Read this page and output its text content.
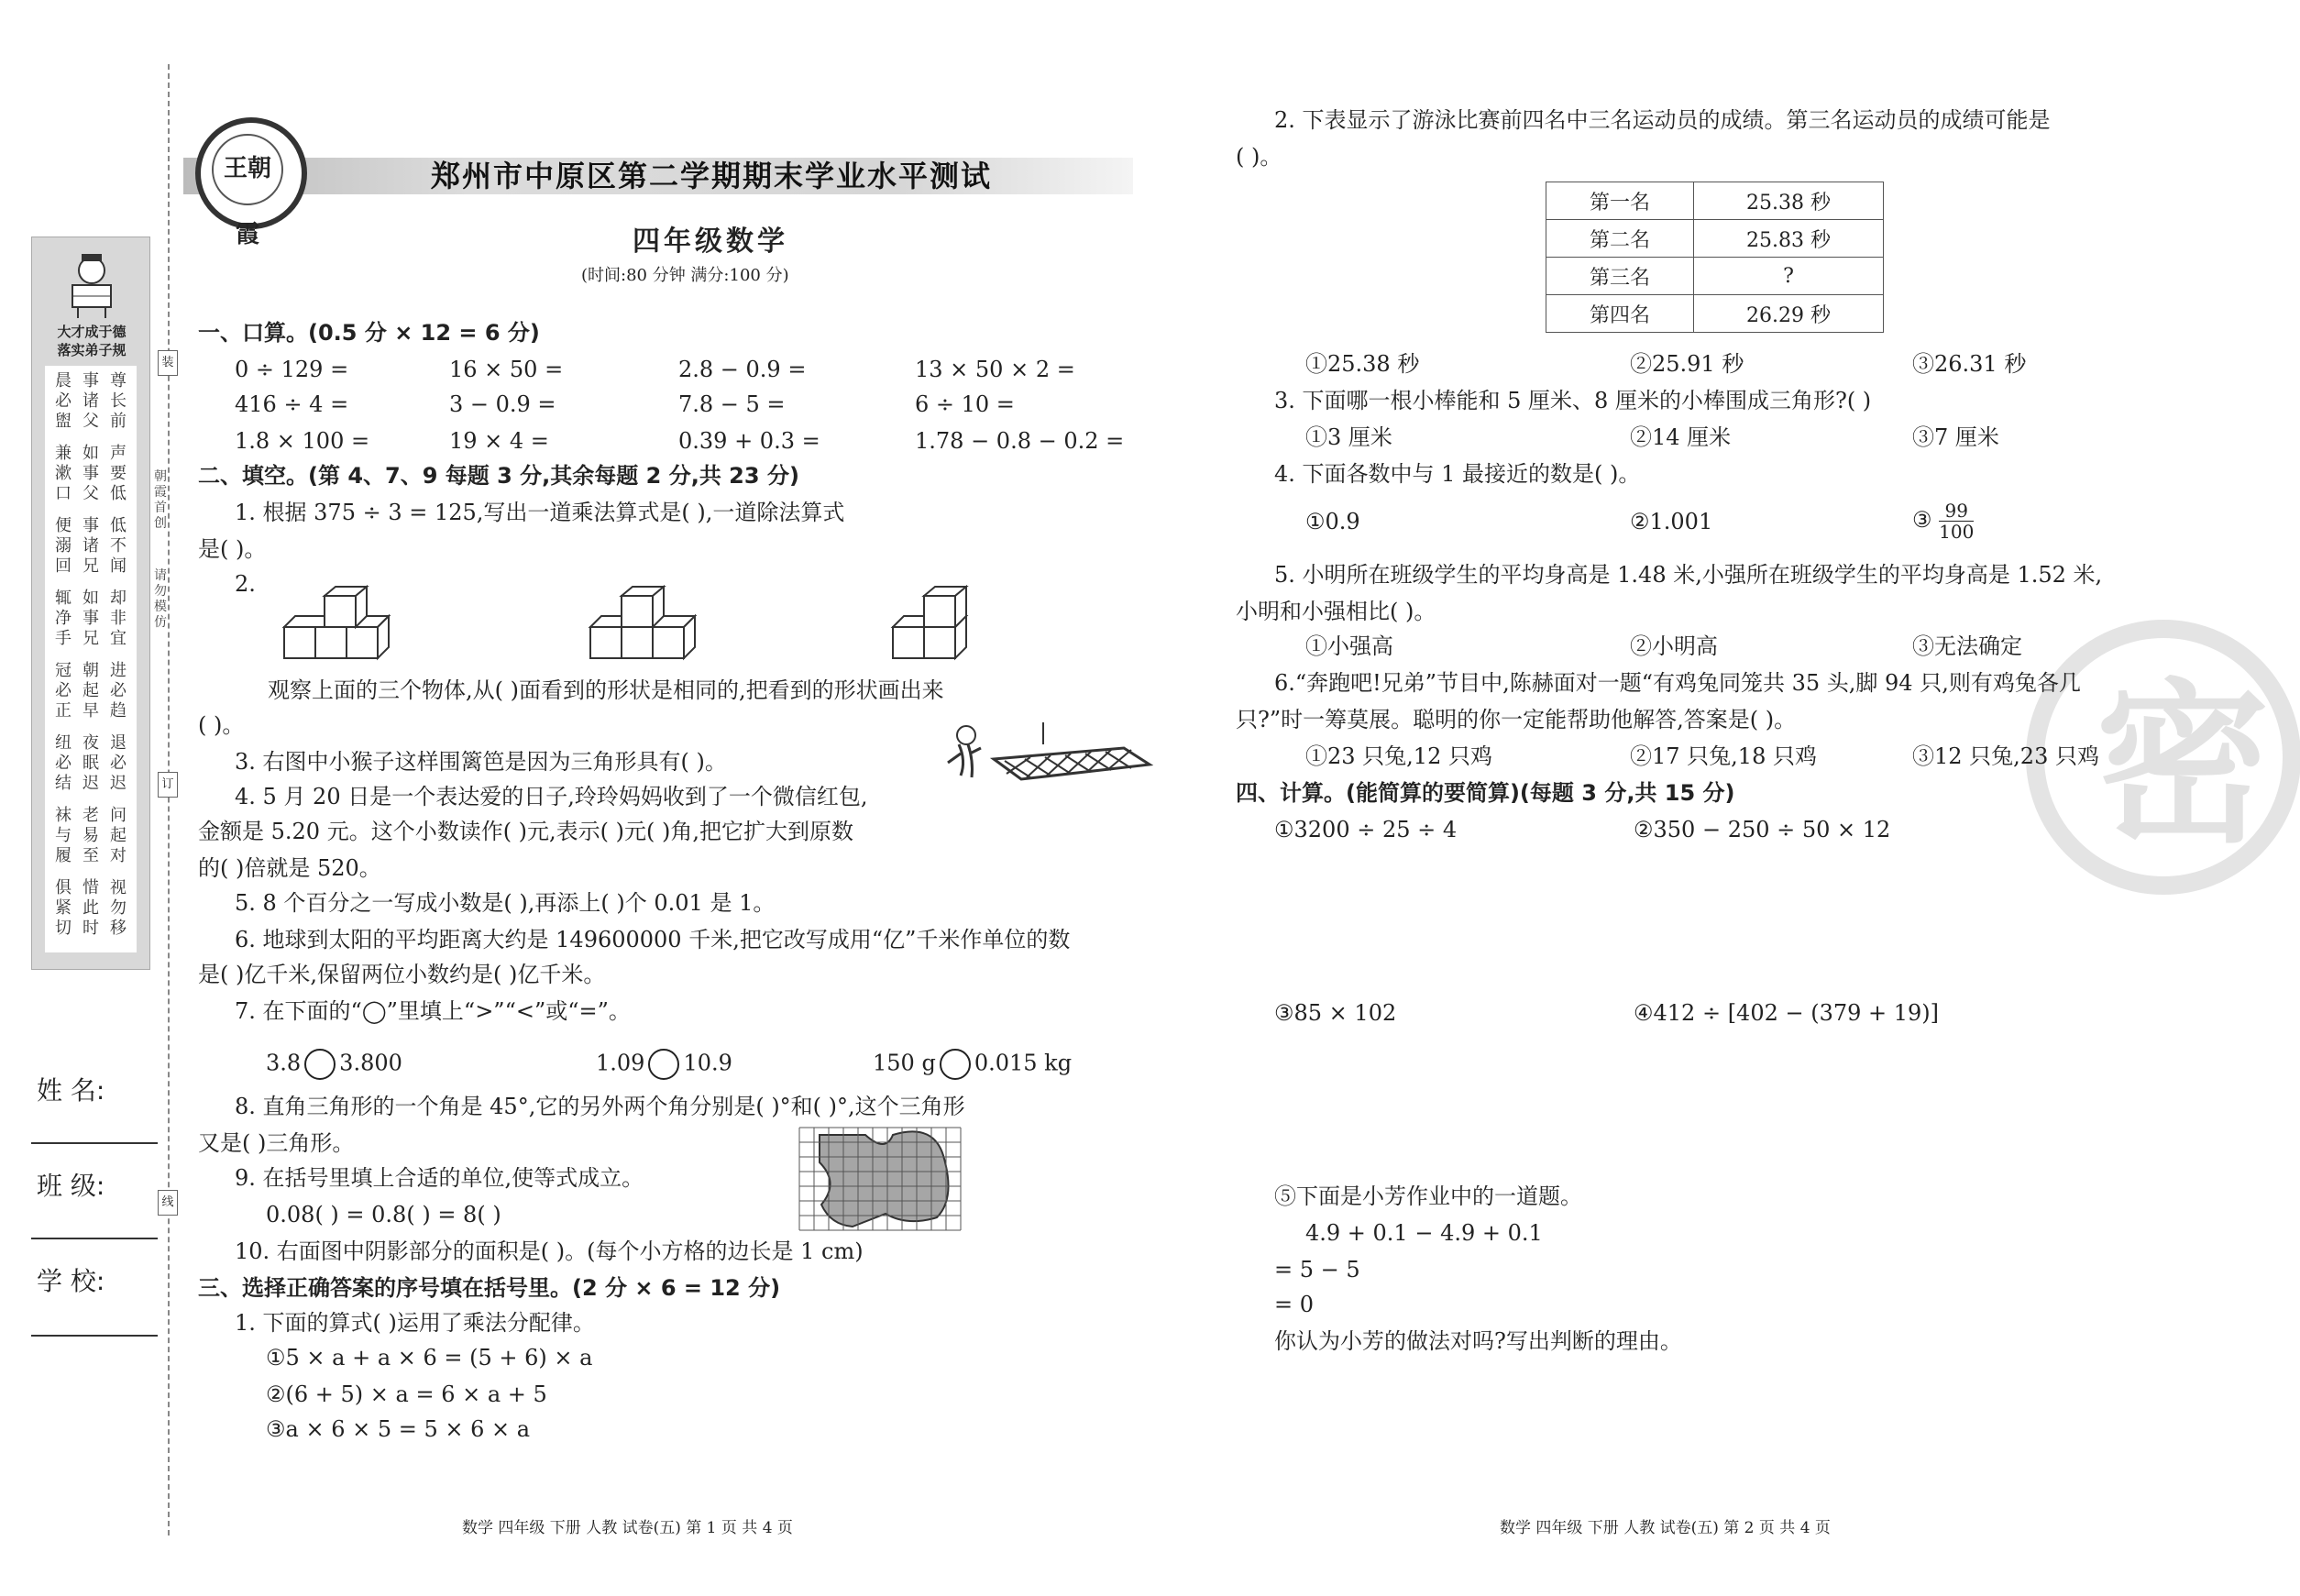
大才成于德
落实弟子规
晨必盥
事诸父
尊长前
兼漱口
如事父
声要低
便溺回
事诸兄
低不闻
辄净手
如事兄
却非宜
冠必正
朝起早
进必趋
纽必结
夜眠迟
退必迟
袜与履
老易至
问起对
俱紧切
惜此时
视勿移
朝霞首创
请勿模仿
装
订
线
姓 名:
班 级:
学 校:
王朝霞
郑州市中原区第二学期期末学业水平测试
四年级数学
(时间:80 分钟 满分:100 分)
一、口算。(0.5 分 × 12 = 6 分)
0 ÷ 129 =	16 × 50 =	2.8 − 0.9 =	13 × 50 × 2 =
416 ÷ 4 =	3 − 0.9 =	7.8 − 5 =	6 ÷ 10 =
1.8 × 100 =	19 × 4 =	0.39 + 0.3 =	1.78 − 0.8 − 0.2 =
二、填空。(第 4、7、9 每题 3 分,其余每题 2 分,共 23 分)
1. 根据 375 ÷ 3 = 125,写出一道乘法算式是( ),一道除法算式
是( )。
2.
观察上面的三个物体,从( )面看到的形状是相同的,把看到的形状画出来
( )。
3. 右图中小猴子这样围篱笆是因为三角形具有( )。
4. 5 月 20 日是一个表达爱的日子,玲玲妈妈收到了一个微信红包,
金额是 5.20 元。这个小数读作( )元,表示( )元( )角,把它扩大到原数
的( )倍就是 520。
5. 8 个百分之一写成小数是( ),再添上( )个 0.01 是 1。
6. 地球到太阳的平均距离大约是 149600000 千米,把它改写成用“亿”千米作单位的数
是( )亿千米,保留两位小数约是( )亿千米。
7. 在下面的“◯”里填上“>”“<”或“=”。
3.8 3.800	1.09 10.9	150 g 0.015 kg
8. 直角三角形的一个角是 45°,它的另外两个角分别是( )°和( )°,这个三角形
又是( )三角形。
9. 在括号里填上合适的单位,使等式成立。
0.08( ) = 0.8( ) = 8( )
10. 右面图中阴影部分的面积是( )。(每个小方格的边长是 1 cm)
三、选择正确答案的序号填在括号里。(2 分 × 6 = 12 分)
1. 下面的算式( )运用了乘法分配律。
①5 × a + a × 6 = (5 + 6) × a
②(6 + 5) × a = 6 × a + 5
③a × 6 × 5 = 5 × 6 × a
数学 四年级 下册 人教 试卷(五) 第 1 页 共 4 页
密
2. 下表显示了游泳比赛前四名中三名运动员的成绩。第三名运动员的成绩可能是
( )。
第一名	25.38 秒
第二名	25.83 秒
第三名	?
第四名	26.29 秒
①25.38 秒	②25.91 秒	③26.31 秒
3. 下面哪一根小棒能和 5 厘米、8 厘米的小棒围成三角形?( )
①3 厘米	②14 厘米	③7 厘米
4. 下面各数中与 1 最接近的数是( )。
①0.9	②1.001	③ $\frac{99}{100}$
5. 小明所在班级学生的平均身高是 1.48 米,小强所在班级学生的平均身高是 1.52 米,
小明和小强相比( )。
①小强高	②小明高	③无法确定
6.“奔跑吧!兄弟”节目中,陈赫面对一题“有鸡兔同笼共 35 头,脚 94 只,则有鸡兔各几
只?”时一筹莫展。聪明的你一定能帮助他解答,答案是( )。
①23 只兔,12 只鸡	②17 只兔,18 只鸡	③12 只兔,23 只鸡
四、计算。(能简算的要简算)(每题 3 分,共 15 分)
①3200 ÷ 25 ÷ 4	②350 − 250 ÷ 50 × 12
③85 × 102	④412 ÷ [402 − (379 + 19)]
⑤下面是小芳作业中的一道题。
4.9 + 0.1 − 4.9 + 0.1
= 5 − 5
= 0
你认为小芳的做法对吗?写出判断的理由。
数学 四年级 下册 人教 试卷(五) 第 2 页 共 4 页
